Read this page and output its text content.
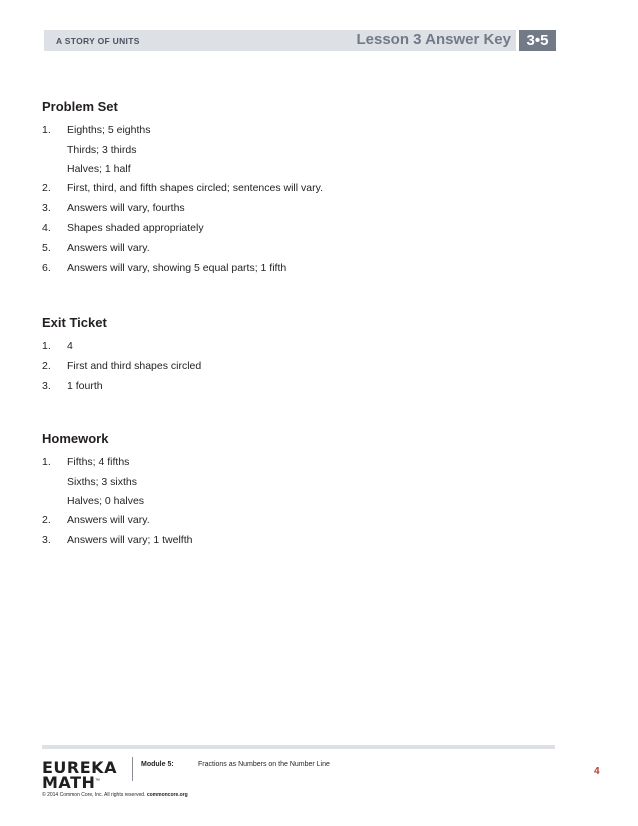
A STORY OF UNITS	Lesson 3 Answer Key	3•5
Problem Set
1. Eighths; 5 eighths
Thirds; 3 thirds
Halves; 1 half
2. First, third, and fifth shapes circled; sentences will vary.
3. Answers will vary, fourths
4. Shapes shaded appropriately
5. Answers will vary.
6. Answers will vary, showing 5 equal parts; 1 fifth
Exit Ticket
1. 4
2. First and third shapes circled
3. 1 fourth
Homework
1. Fifths; 4 fifths
Sixths; 3 sixths
Halves; 0 halves
2. Answers will vary.
3. Answers will vary; 1 twelfth
EUREKA
MATH ™
Module 5:	Fractions as Numbers on the Number Line
4
© 2014 Common Core, Inc. All rights reserved. commoncore.org
